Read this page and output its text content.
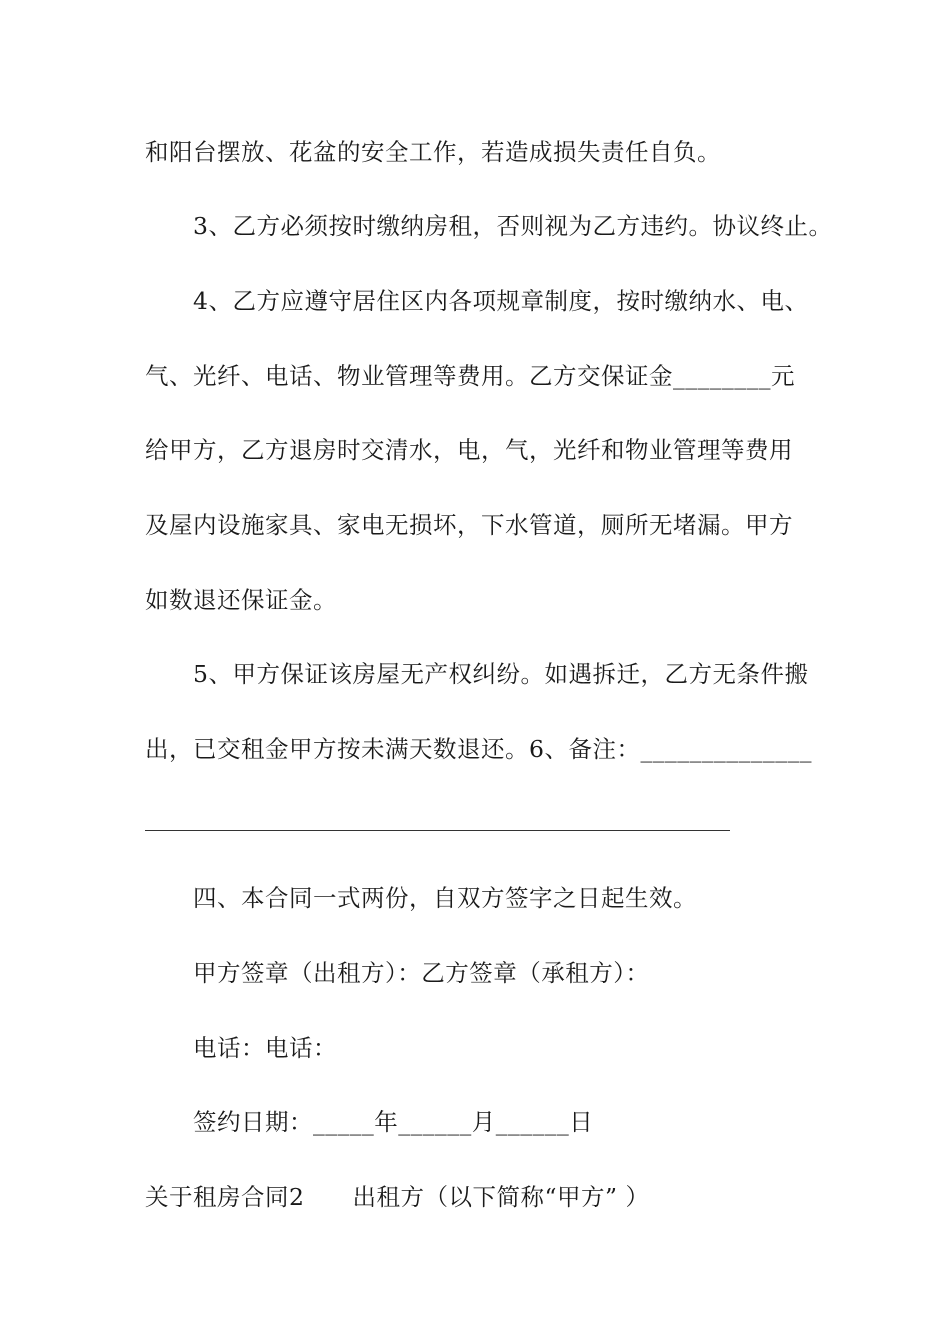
和阳台摆放、花盆的安全工作，若造成损失责任自负。
3、乙方必须按时缴纳房租，否则视为乙方违约。协议终止。
4、乙方应遵守居住区内各项规章制度，按时缴纳水、电、
气、光纤、电话、物业管理等费用。乙方交保证金________元
给甲方，乙方退房时交清水，电，气，光纤和物业管理等费用
及屋内设施家具、家电无损坏，下水管道，厕所无堵漏。甲方
如数退还保证金。
5、甲方保证该房屋无产权纠纷。如遇拆迁，乙方无条件搬
出，已交租金甲方按未满天数退还。6、备注：______________
四、本合同一式两份，自双方签字之日起生效。
甲方签章（出租方）：乙方签章（承租方）：
电话：电话：
签约日期：_____年______月______日
关于租房合同2　　出租方（以下简称“甲方” ）
